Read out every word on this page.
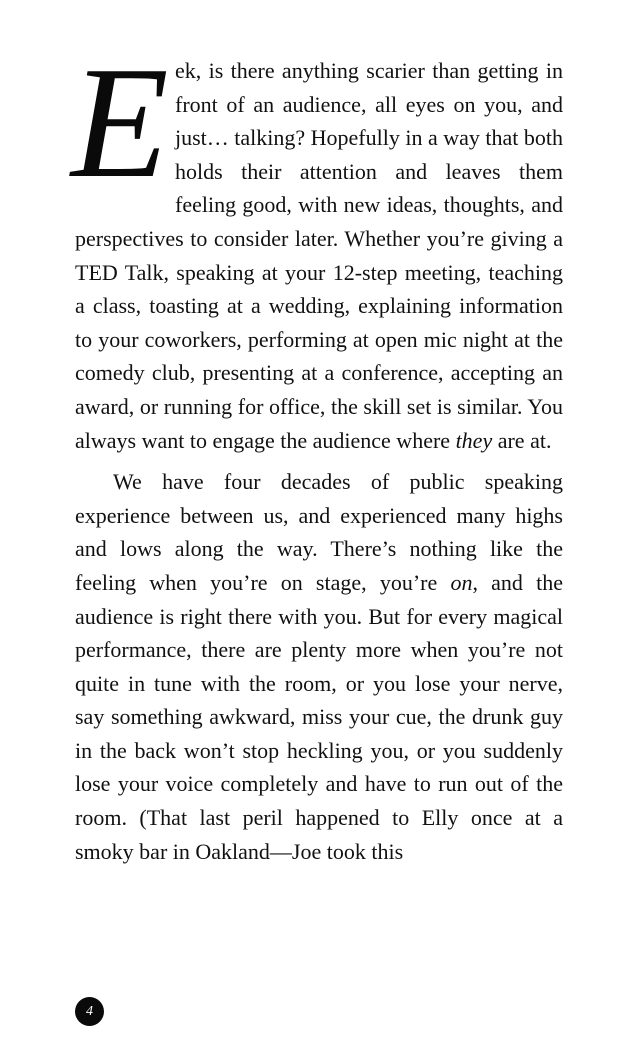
Eek, is there anything scarier than getting in front of an audience, all eyes on you, and just… talking? Hopefully in a way that both holds their attention and leaves them feeling good, with new ideas, thoughts, and perspectives to consider later. Whether you’re giving a TED Talk, speaking at your 12-step meeting, teaching a class, toasting at a wedding, explaining information to your coworkers, performing at open mic night at the comedy club, presenting at a conference, accepting an award, or running for office, the skill set is similar. You always want to engage the audience where they are at.

We have four decades of public speaking experience between us, and experienced many highs and lows along the way. There’s nothing like the feeling when you’re on stage, you’re on, and the audience is right there with you. But for every magical performance, there are plenty more when you’re not quite in tune with the room, or you lose your nerve, say something awkward, miss your cue, the drunk guy in the back won’t stop heckling you, or you suddenly lose your voice completely and have to run out of the room. (That last peril happened to Elly once at a smoky bar in Oakland—Joe took this

4
